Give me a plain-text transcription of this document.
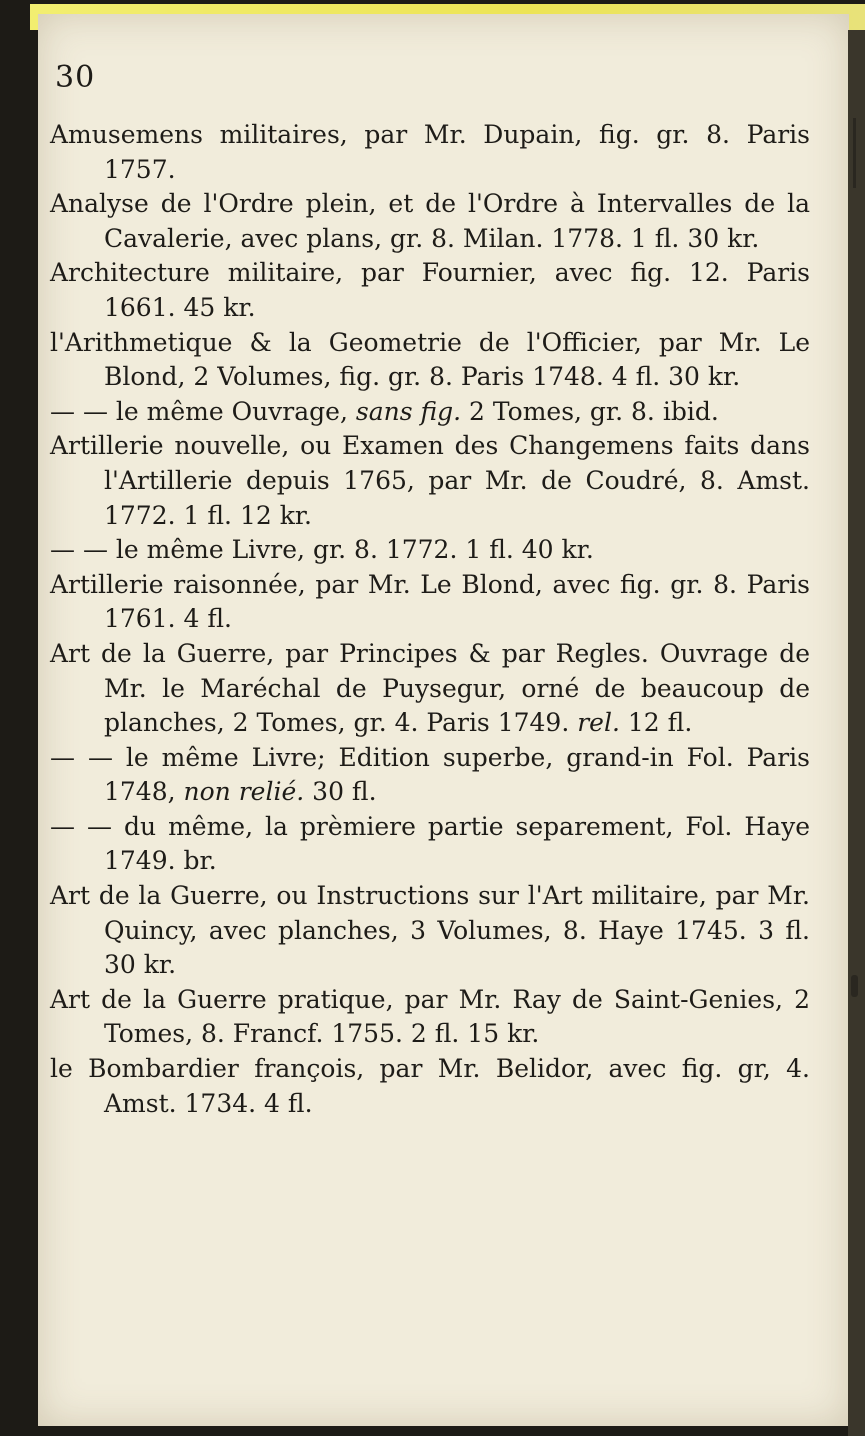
30

Amusemens militaires, par Mr. Dupain, fig. gr. 8. Paris 1757.

Analyse de l'Ordre plein, et de l'Ordre à Intervalles de la Cavalerie, avec plans, gr. 8. Milan. 1778. 1 fl. 30 kr.

Architecture militaire, par Fournier, avec fig. 12. Paris 1661. 45 kr.

l'Arithmetique & la Geometrie de l'Officier, par Mr. Le Blond, 2 Volumes, fig. gr. 8. Paris 1748. 4 fl. 30 kr.

— — le même Ouvrage, sans fig. 2 Tomes, gr. 8. ibid.

Artillerie nouvelle, ou Examen des Changemens faits dans l'Artillerie depuis 1765, par Mr. de Coudré, 8. Amst. 1772. 1 fl. 12 kr.

— — le même Livre, gr. 8. 1772. 1 fl. 40 kr.

Artillerie raisonnée, par Mr. Le Blond, avec fig. gr. 8. Paris 1761. 4 fl.

Art de la Guerre, par Principes & par Regles. Ouvrage de Mr. le Maréchal de Puysegur, orné de beaucoup de planches, 2 Tomes, gr. 4. Paris 1749. rel. 12 fl.

— — le même Livre; Edition superbe, grand-in Fol. Paris 1748, non relié. 30 fl.

— — du même, la prèmiere partie separement, Fol. Haye 1749. br.

Art de la Guerre, ou Instructions sur l'Art militaire, par Mr. Quincy, avec planches, 3 Volumes, 8. Haye 1745. 3 fl. 30 kr.

Art de la Guerre pratique, par Mr. Ray de Saint-Genies, 2 Tomes, 8. Francf. 1755. 2 fl. 15 kr.

le Bombardier françois, par Mr. Belidor, avec fig. gr, 4. Amst. 1734. 4 fl.
